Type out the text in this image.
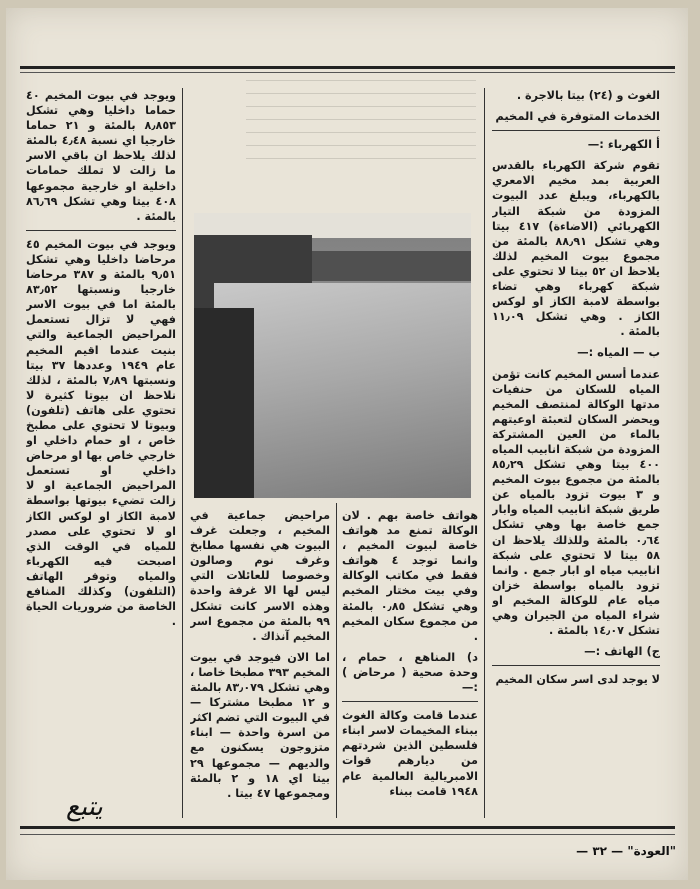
الغوث و (٢٤) بيتا بالاجرة .

الخدمات المتوفرة في المخيم

أ الكهرباء :—

تقوم شركة الكهرباء بالقدس العربية بمد مخيم الامعري بالكهرباء، ويبلغ عدد البيوت المزودة من شبكة التيار الكهربائي (الاضاءة) ٤١٧ بيتا وهي تشكل ٨٨٫٩١ بالمئة من مجموع بيوت المخيم لذلك يلاحظ ان ٥٢ بيتا لا تحتوي على شبكة كهرباء وهي تضاء بواسطة لامبة الكاز او لوكس الكاز . وهي تشكل ١١٫٠٩ بالمئة .

ب — المياه :—

عندما أسس المخيم كانت تؤمن المياه للسكان من حنفيات مدتها الوكالة لمنتصف المخيم ويحضر السكان لتعبئة اوعيتهم بالماء من العين المشتركة المزودة من شبكة انابيب المياه ٤٠٠ بيتا وهي تشكل ٨٥٫٢٩ بالمئة من مجموع بيوت المخيم و ٣ بيوت تزود بالمياه عن طريق شبكة انابيب المياه وابار جمع خاصة بها وهي تشكل ٠٫٦٤ بالمئة وللذلك يلاحظ ان ٥٨ بيتا لا تحتوي على شبكة انابيب مياه او ابار جمع . وانما تزود بالمياه بواسطة خزان مياه عام للوكالة المخيم او شراء المياه من الجيران وهي تشكل ١٤٫٠٧ بالمئة .

ج) الهاتف :—

لا يوجد لدى اسر سكان المخيم

هواتف خاصة بهم . لان الوكالة تمنع مد هواتف خاصة لبيوت المخيم ، وانما توجد ٤ هواتف فقط في مكاتب الوكالة وفي بيت مختار المخيم وهي تشكل ٠٫٨٥ بالمئة من مجموع سكان المخيم .

د) المناهع ، حمام ، وحدة صحية ( مرحاض ) :—

عندما قامت وكالة الغوث ببناء المخيمات لاسر ابناء فلسطين الذين شردتهم من ديارهم قوات الامبريالية العالمية عام ١٩٤٨ قامت ببناء

مراحيض جماعية في المخيم ، وجعلت غرف البيوت هي نفسها مطابخ وغرف نوم وصالون وخصوصا للعائلات التي ليس لها الا غرفة واحدة وهذه الاسر كانت تشكل ٩٩ بالمئة من مجموع اسر المخيم آنذاك .

اما الان فيوجد في بيوت المخيم ٣٩٣ مطبخا خاصا ، وهي تشكل ٨٣٫٠٧٩ بالمئة و ١٢ مطبخا مشتركا — في البيوت التي تضم اكثر من اسرة واحدة — ابناء متزوجون يسكنون مع والديهم — مجموعها ٢٩ بيتا اي ١٨ و ٢ بالمئة ومجموعها ٤٧ بيتا .

ويوجد في بيوت المخيم ٤٠ حماما داخليا وهي تشكل ٨٫٨٥٣ بالمئة و ٢١ حماما خارجيا اي نسبة ٤٫٤٨ بالمئة لذلك يلاحظ ان باقي الاسر ما زالت لا تملك حمامات داخلية او خارجية مجموعها ٤٠٨ بيتا وهي تشكل ٨٦٫٦٩ بالمئة .

ويوجد في بيوت المخيم ٤٥ مرحاضا داخليا وهي تشكل ٩٫٥١ بالمئة و ٣٨٧ مرحاضا خارجيا ونسبتها ٨٣٫٥٢ بالمئة اما في بيوت الاسر فهي لا تزال تستعمل المراحيض الجماعية والتي بنيت عندما اقيم المخيم عام ١٩٤٩ وعددها ٣٧ بيتا ونسبتها ٧٫٨٩ بالمئة ، لذلك نلاحظ ان بيوتا كثيرة لا تحتوي على هاتف (تلفون) وبيوتا لا تحتوي على مطبخ خاص ، او حمام داخلي او خارجي خاص بها او مرحاض داخلي او تستعمل المراحيض الجماعية او لا زالت تضيء بيوتها بواسطة لامبة الكاز او لوكس الكاز او لا تحتوي على مصدر للمياه في الوقت الذي اصبحت فيه الكهرباء والمياه وتوفر الهاتف (التلفون) وكذلك المنافع الخاصة من ضروريات الحياة .

يتبع
"العودة" — ٣٢ —
